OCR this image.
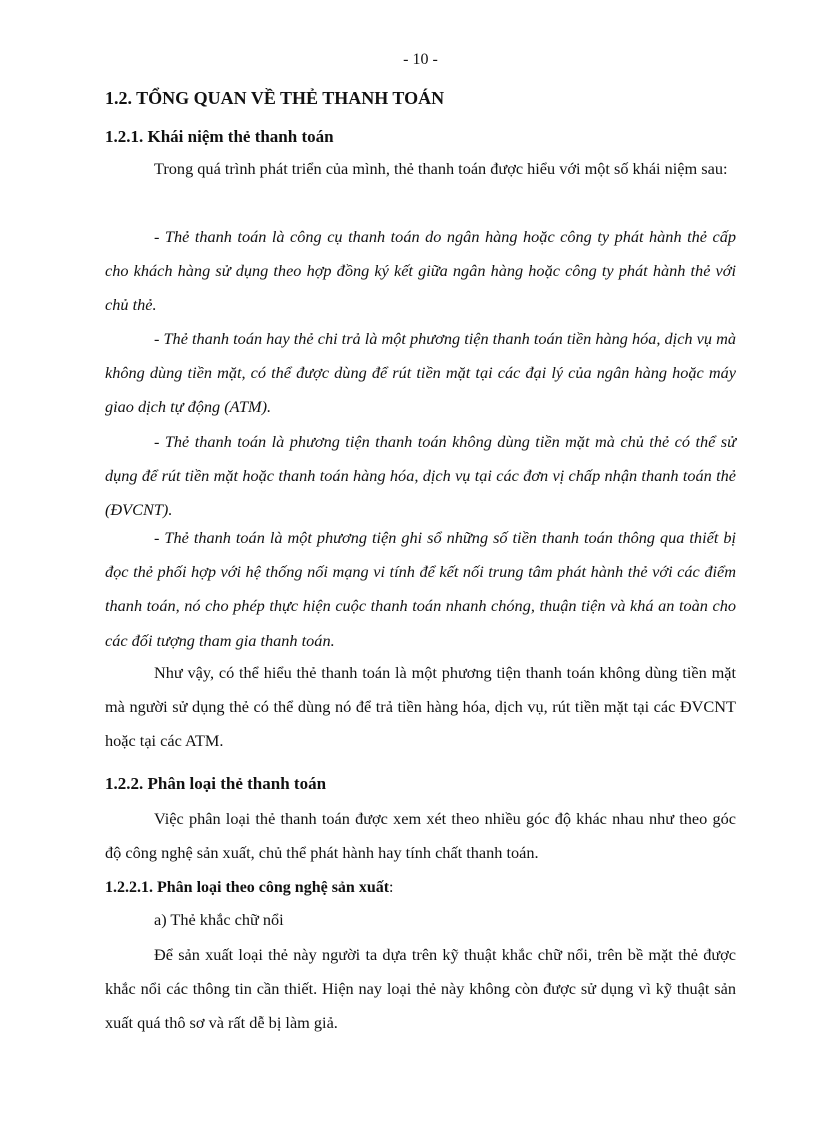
- 10 -
1.2. TỔNG QUAN VỀ THẺ THANH TOÁN
1.2.1. Khái niệm thẻ thanh toán

Trong quá trình phát triển của mình, thẻ thanh toán được hiểu với một số khái niệm sau:

- Thẻ thanh toán là công cụ thanh toán do ngân hàng hoặc công ty phát hành thẻ cấp cho khách hàng sử dụng theo hợp đồng ký kết giữa ngân hàng hoặc công ty phát hành thẻ với chủ thẻ.

- Thẻ thanh toán hay thẻ chi trả là một phương tiện thanh toán tiền hàng hóa, dịch vụ mà không dùng tiền mặt, có thể được dùng để rút tiền mặt tại các đại lý của ngân hàng hoặc máy giao dịch tự động (ATM).

- Thẻ thanh toán là phương tiện thanh toán không dùng tiền mặt mà chủ thẻ có thể sử dụng để rút tiền mặt hoặc thanh toán hàng hóa, dịch vụ tại các đơn vị chấp nhận thanh toán thẻ (ĐVCNT).

- Thẻ thanh toán là một phương tiện ghi sổ những số tiền thanh toán thông qua thiết bị đọc thẻ phối hợp với hệ thống nối mạng vi tính để kết nối trung tâm phát hành thẻ với các điểm thanh toán, nó cho phép thực hiện cuộc thanh toán nhanh chóng, thuận tiện và khá an toàn cho các đối tượng tham gia thanh toán.

Như vậy, có thể hiểu thẻ thanh toán là một phương tiện thanh toán không dùng tiền mặt mà người sử dụng thẻ có thể dùng nó để trả tiền hàng hóa, dịch vụ, rút tiền mặt tại các ĐVCNT hoặc tại các ATM.

1.2.2. Phân loại thẻ thanh toán

Việc phân loại thẻ thanh toán được xem xét theo nhiều góc độ khác nhau như theo góc độ công nghệ sản xuất, chủ thể phát hành hay tính chất thanh toán.

1.2.2.1. Phân loại theo công nghệ sản xuất:
a) Thẻ khắc chữ nổi

Để sản xuất loại thẻ này người ta dựa trên kỹ thuật khắc chữ nổi, trên bề mặt thẻ được khắc nổi các thông tin cần thiết. Hiện nay loại thẻ này không còn được sử dụng vì kỹ thuật sản xuất quá thô sơ và rất dễ bị làm giả.
